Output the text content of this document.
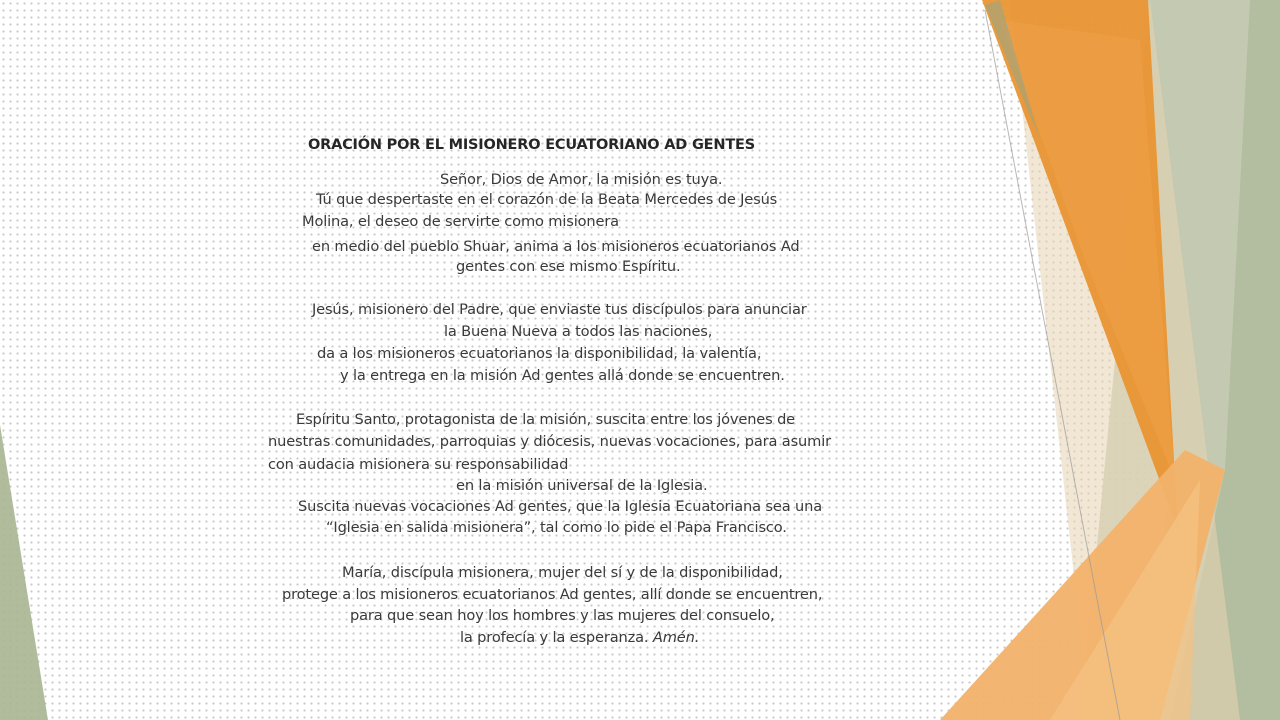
ORACIÓN POR EL MISIONERO ECUATORIANO AD GENTES
Señor, Dios de Amor, la misión es tuya.
Tú que despertaste en el corazón de la Beata Mercedes de Jesús
Molina, el deseo de servirte como misionera
en medio del pueblo Shuar, anima a los misioneros ecuatorianos Ad
gentes con ese mismo Espíritu.
Jesús, misionero del Padre, que enviaste tus discípulos para anunciar
la Buena Nueva a todos las naciones,
da a los misioneros ecuatorianos la disponibilidad, la valentía,
y la entrega en la misión Ad gentes allá donde se encuentren.
Espíritu Santo, protagonista de la misión, suscita entre los jóvenes de
nuestras comunidades, parroquias y diócesis, nuevas vocaciones, para asumir
con audacia misionera su responsabilidad
en la misión universal de la Iglesia.
Suscita nuevas vocaciones Ad gentes, que la Iglesia Ecuatoriana sea una
“Iglesia en salida misionera”, tal como lo pide el Papa Francisco.
María, discípula misionera, mujer del sí y de la disponibilidad,
protege a los misioneros ecuatorianos Ad gentes, allí donde se encuentren,
para que sean hoy los hombres y las mujeres del consuelo,
la profecía y la esperanza. Amén.
